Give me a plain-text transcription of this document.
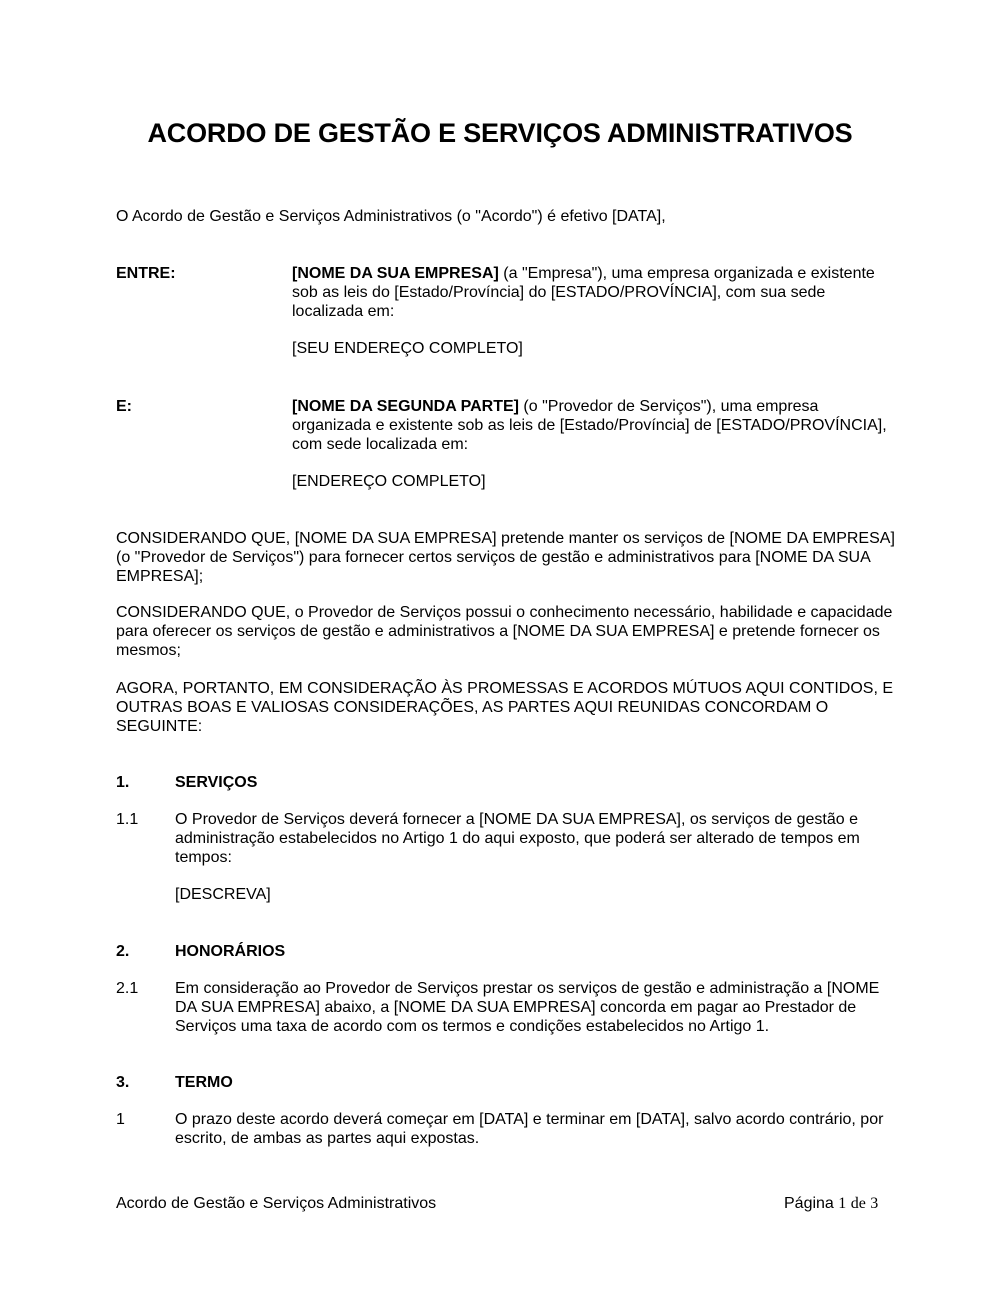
ACORDO DE GESTÃO E SERVIÇOS ADMINISTRATIVOS
O Acordo de Gestão e Serviços Administrativos (o "Acordo") é efetivo [DATA],
ENTRE:	[NOME DA SUA EMPRESA] (a "Empresa"), uma empresa organizada e existente sob as leis do [Estado/Província] do [ESTADO/PROVÍNCIA], com sua sede localizada em:
[SEU ENDEREÇO COMPLETO]
E:	[NOME DA SEGUNDA PARTE] (o "Provedor de Serviços"), uma empresa organizada e existente sob as leis de [Estado/Província] de [ESTADO/PROVÍNCIA], com sede localizada em:
[ENDEREÇO COMPLETO]
CONSIDERANDO QUE, [NOME DA SUA EMPRESA] pretende manter os serviços de [NOME DA EMPRESA] (o "Provedor de Serviços") para fornecer certos serviços de gestão e administrativos para [NOME DA SUA EMPRESA];
CONSIDERANDO QUE, o Provedor de Serviços possui o conhecimento necessário, habilidade e capacidade para oferecer os serviços de gestão e administrativos a [NOME DA SUA EMPRESA] e pretende fornecer os mesmos;
AGORA, PORTANTO, EM CONSIDERAÇÃO ÀS PROMESSAS E ACORDOS MÚTUOS AQUI CONTIDOS, E OUTRAS BOAS E VALIOSAS CONSIDERAÇÕES, AS PARTES AQUI REUNIDAS CONCORDAM O SEGUINTE:
1.	SERVIÇOS
1.1 O Provedor de Serviços deverá fornecer a [NOME DA SUA EMPRESA], os serviços de gestão e administração estabelecidos no Artigo 1 do aqui exposto, que poderá ser alterado de tempos em tempos:
[DESCREVA]
2.	HONORÁRIOS
2.1 Em consideração ao Provedor de Serviços prestar os serviços de gestão e administração a [NOME DA SUA EMPRESA] abaixo, a [NOME DA SUA EMPRESA] concorda em pagar ao Prestador de Serviços uma taxa de acordo com os termos e condições estabelecidos no Artigo 1.
3.	TERMO
1	O prazo deste acordo deverá começar em [DATA] e terminar em [DATA], salvo acordo contrário, por escrito, de ambas as partes aqui expostas.
Acordo de Gestão e Serviços Administrativos	Página 1 de 3
